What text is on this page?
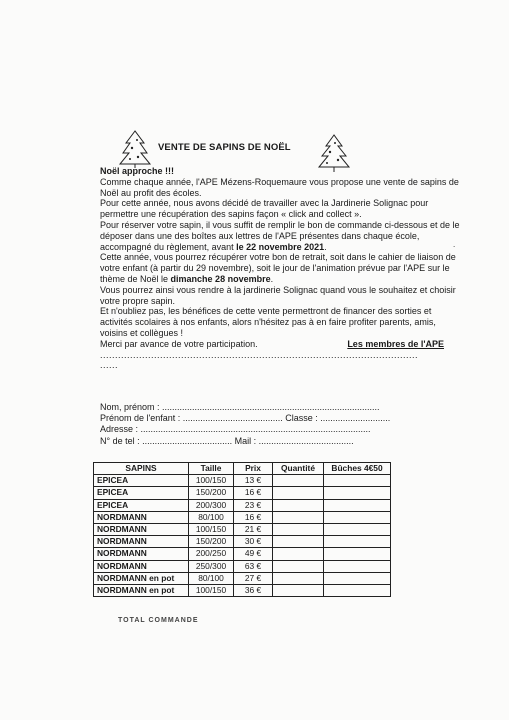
VENTE DE SAPINS DE NOËL

Noël approche !!!

Comme chaque année, l'APE Mézens-Roquemaure vous propose une vente de sapins de Noël au profit des écoles.

Pour cette année, nous avons décidé de travailler avec la Jardinerie Solignac pour permettre une récupération des sapins façon « click and collect ».

Pour réserver votre sapin, il vous suffit de remplir le bon de commande ci-dessous et de le déposer dans une des boîtes aux lettres de l'APE présentes dans chaque école, accompagné du règlement, avant le 22 novembre 2021.

Cette année, vous pourrez récupérer votre bon de retrait, soit dans le cahier de liaison de votre enfant (à partir du 29 novembre), soit le jour de l'animation prévue par l'APE sur le thème de Noël le dimanche 28 novembre.

Vous pourrez ainsi vous rendre à la jardinerie Solignac quand vous le souhaitez et choisir votre propre sapin.

Et n'oubliez pas, les bénéfices de cette vente permettront de financer des sorties et activités scolaires à nos enfants, alors n'hésitez pas à en faire profiter parents, amis, voisins et collègues !

Merci par avance de votre participation.	Les membres de l'APE
..........................................................................................................
......
.
Nom, prénom : .......................................................................................
Prénom de l'enfant : ........................................ Classe : ............................
Adresse : ............................................................................................
N° de tel : .................................... Mail : ......................................
SAPINS	Taille	Prix	Quantité	Bûches 4€50
EPICEA	100/150	13 €		
EPICEA	150/200	16 €		
EPICEA	200/300	23 €		
NORDMANN	80/100	16 €		
NORDMANN	100/150	21 €		
NORDMANN	150/200	30 €		
NORDMANN	200/250	49 €		
NORDMANN	250/300	63 €		
NORDMANN en pot	80/100	27 €		
NORDMANN en pot	100/150	36 €		
TOTAL COMMANDE
